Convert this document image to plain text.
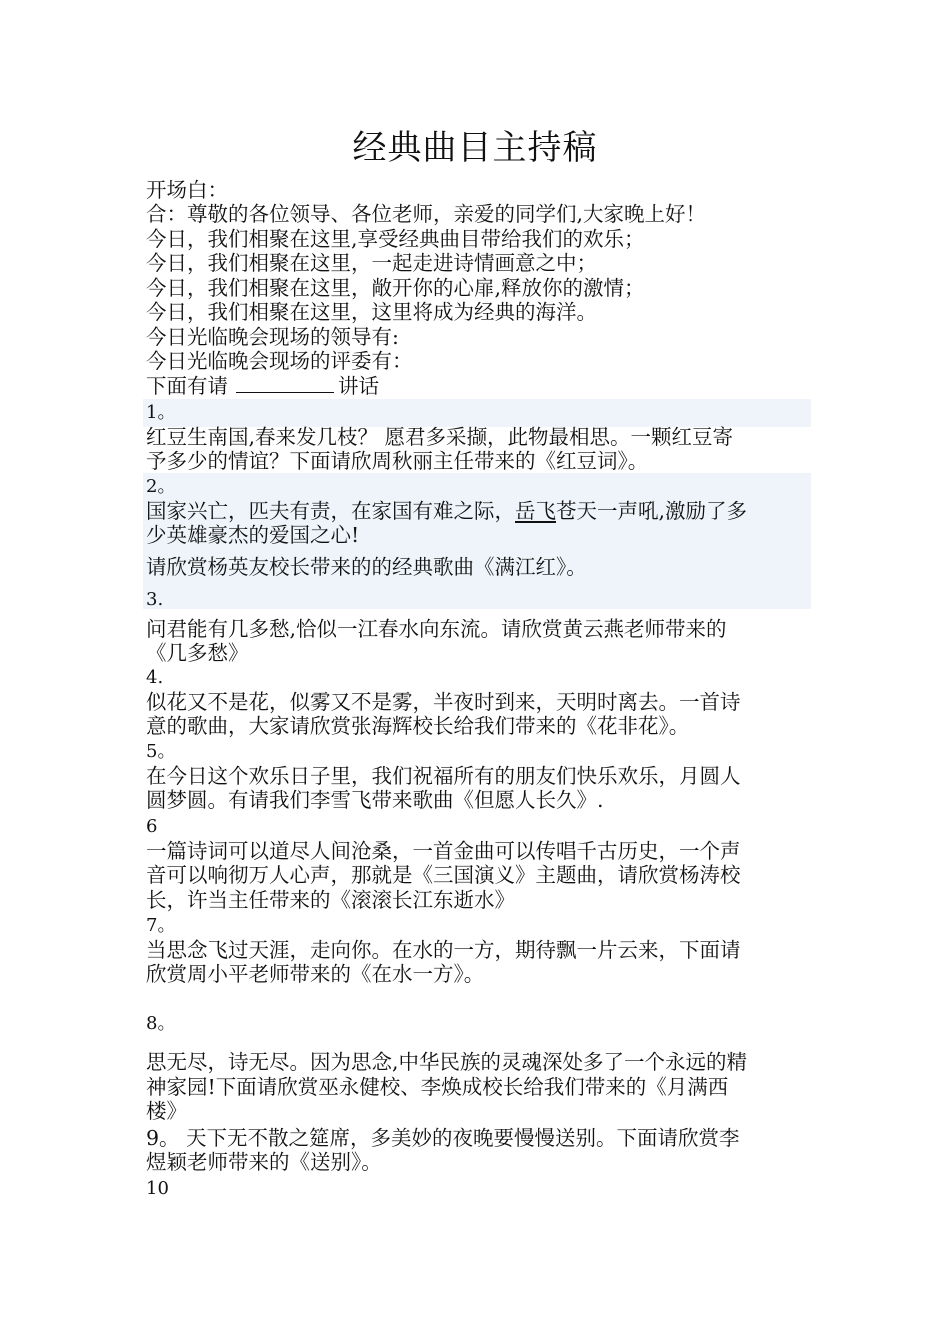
经典曲目主持稿
开场白：
合：尊敬的各位领导、各位老师，亲爱的同学们,大家晚上好！
今日，我们相聚在这里,享受经典曲目带给我们的欢乐；
今日，我们相聚在这里，一起走进诗情画意之中；
今日，我们相聚在这里，敞开你的心扉,释放你的激情；
今日，我们相聚在这里，这里将成为经典的海洋。
今日光临晚会现场的领导有:
今日光临晚会现场的评委有：
下面有请	讲话
1。
红豆生南国,春来发几枝？ 愿君多采撷，此物最相思。一颗红豆寄
予多少的情谊？下面请欣周秋丽主任带来的《红豆词》。
2。
国家兴亡，匹夫有责，在家国有难之际，岳飞苍天一声吼,激励了多
少英雄豪杰的爱国之心!
请欣赏杨英友校长带来的的经典歌曲《满江红》。
3.
问君能有几多愁,恰似一江春水向东流。请欣赏黄云燕老师带来的
《几多愁》
4.
似花又不是花，似雾又不是雾，半夜时到来，天明时离去。一首诗
意的歌曲，大家请欣赏张海辉校长给我们带来的《花非花》。
5。
在今日这个欢乐日子里，我们祝福所有的朋友们快乐欢乐，月圆人
圆梦圆。有请我们李雪飞带来歌曲《但愿人长久》.
6
一篇诗词可以道尽人间沧桑，一首金曲可以传唱千古历史，一个声
音可以响彻万人心声，那就是《三国演义》主题曲，请欣赏杨涛校
长，许当主任带来的《滚滚长江东逝水》
7。
当思念飞过天涯，走向你。在水的一方，期待飘一片云来，下面请
欣赏周小平老师带来的《在水一方》。
8。
思无尽，诗无尽。因为思念,中华民族的灵魂深处多了一个永远的精
神家园!下面请欣赏巫永健校、李焕成校长给我们带来的《月满西
楼》
9。 天下无不散之筵席，多美妙的夜晚要慢慢送别。下面请欣赏李
煜颖老师带来的《送别》。
10
